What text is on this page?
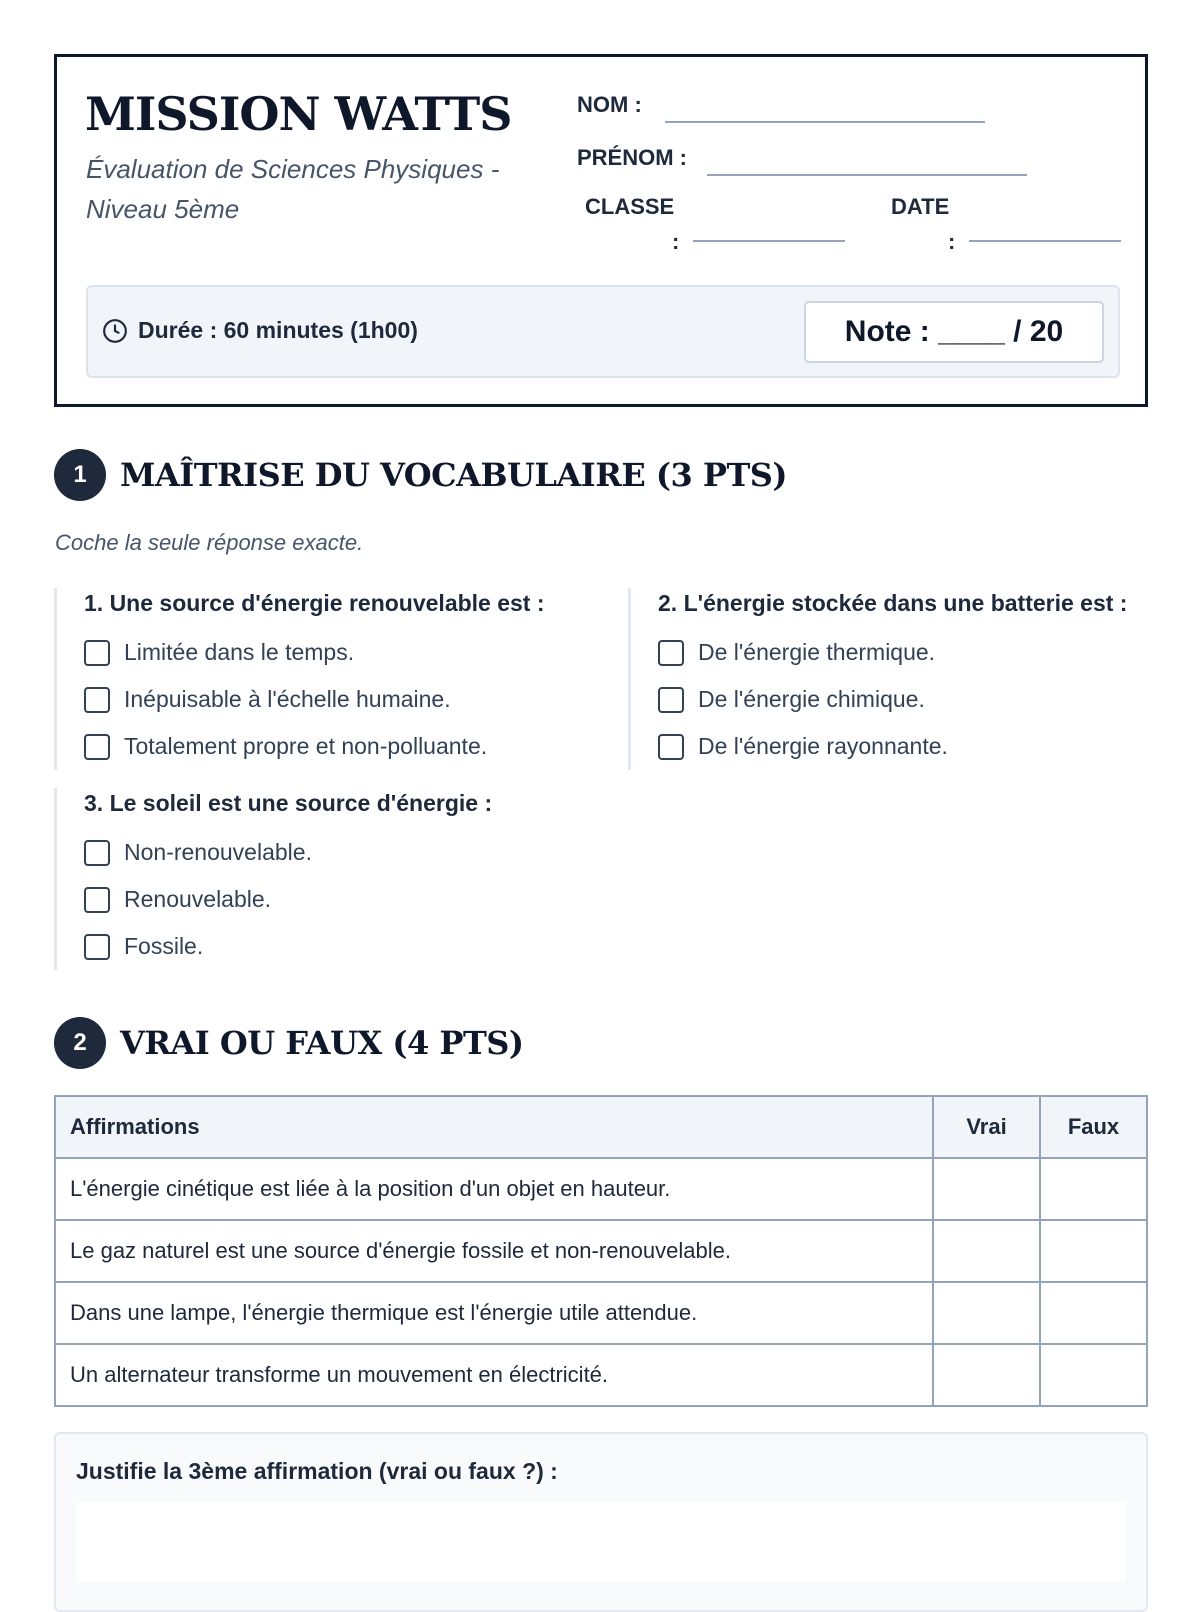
MISSION WATTS
Évaluation de Sciences Physiques - Niveau 5ème
NOM :
PRÉNOM :
CLASSE
:
DATE
:
Durée : 60 minutes (1h00)	Note : ____ / 20
1	MAÎTRISE DU VOCABULAIRE (3 PTS)
Coche la seule réponse exacte.
1. Une source d'énergie renouvelable est :
Limitée dans le temps.
Inépuisable à l'échelle humaine.
Totalement propre et non-polluante.
2. L'énergie stockée dans une batterie est :
De l'énergie thermique.
De l'énergie chimique.
De l'énergie rayonnante.
3. Le soleil est une source d'énergie :
Non-renouvelable.
Renouvelable.
Fossile.
2	VRAI OU FAUX (4 PTS)
Affirmations	Vrai	Faux
L'énergie cinétique est liée à la position d'un objet en hauteur.		
Le gaz naturel est une source d'énergie fossile et non-renouvelable.		
Dans une lampe, l'énergie thermique est l'énergie utile attendue.		
Un alternateur transforme un mouvement en électricité.		
Justifie la 3ème affirmation (vrai ou faux ?) :
